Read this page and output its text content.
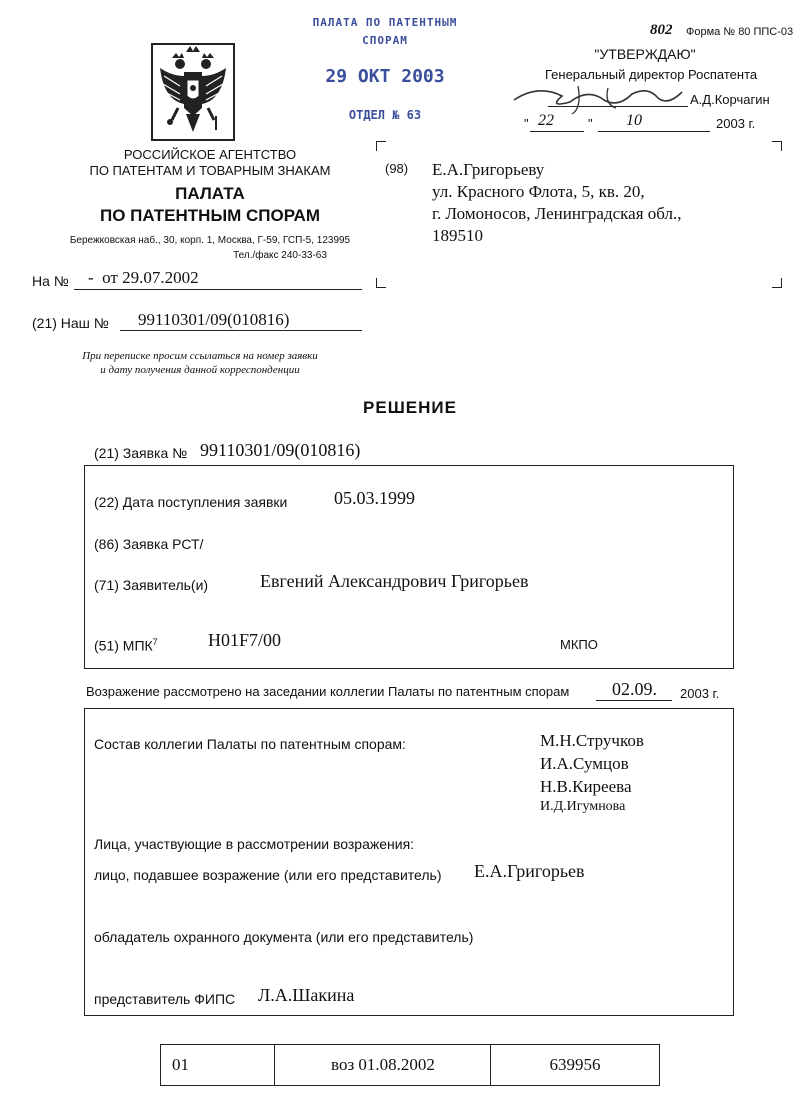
ПАЛАТА ПО ПАТЕНТНЫМ
СПОРАМ
29 ОКТ 2003
ОТДЕЛ № 63
802 Форма № 80 ППС-03
"УТВЕРЖДАЮ"
Генеральный директор Роспатента
А.Д.Корчагин
" 22	" 10	2003 г.
РОССИЙСКОЕ АГЕНТСТВО
ПО ПАТЕНТАМ И ТОВАРНЫМ ЗНАКАМ
ПАЛАТА
ПО ПАТЕНТНЫМ СПОРАМ
Бережковская наб., 30, корп. 1, Москва, Г-59, ГСП-5, 123995
Тел./факс 240-33-63
(98) Е.А.Григорьеву
ул. Красного Флота, 5, кв. 20,
г. Ломоносов, Ленинградская обл.,
189510
На № -  от 29.07.2002
(21) Наш № 99110301/09(010816)
При переписке просим ссылаться на номер заявки
и дату получения данной корреспонденции
РЕШЕНИЕ
(21) Заявка № 99110301/09(010816)
(22) Дата поступления заявки	05.03.1999
(86) Заявка РСТ/
(71) Заявитель(и)	Евгений Александрович Григорьев
(51) МПК$^7$	H01F7/00	МКПО
Возражение рассмотрено на заседании коллегии Палаты по патентным спорам 02.09. 2003 г.
Состав коллегии Палаты по патентным спорам:	М.Н.Стручков
И.А.Сумцов
Н.В.Киреева
И.Д.Игумнова
Лица, участвующие в рассмотрении возражения:
лицо, подавшее возражение (или его представитель) Е.А.Григорьев
обладатель охранного документа (или его представитель)
представитель ФИПС Л.А.Шакина
01	воз 01.08.2002	639956
